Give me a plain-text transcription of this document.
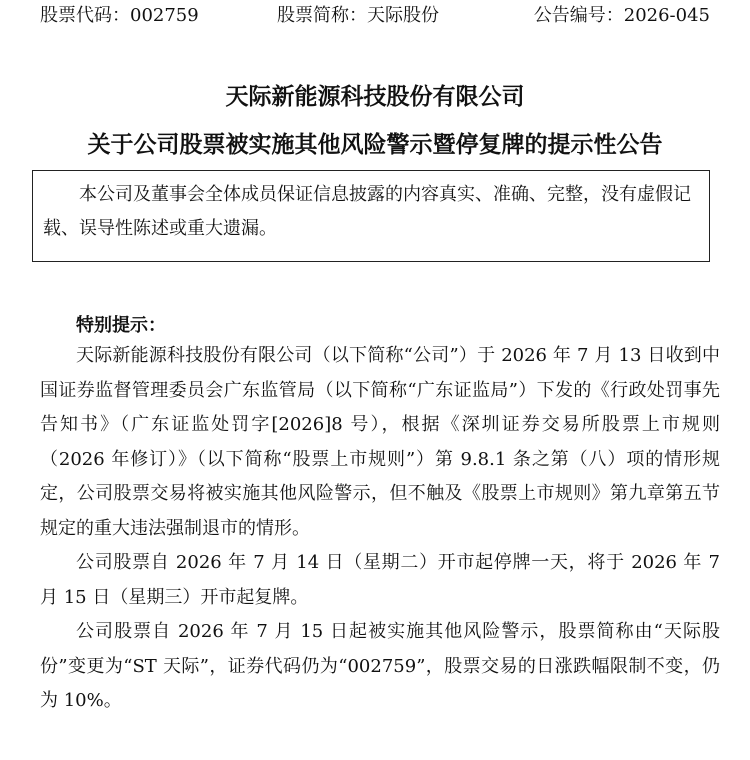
股票代码：002759	股票简称：天际股份	公告编号：2026-045
天际新能源科技股份有限公司
关于公司股票被实施其他风险警示暨停复牌的提示性公告

本公司及董事会全体成员保证信息披露的内容真实、准确、完整，没有虚假记载、误导性陈述或重大遗漏。

特别提示：

天际新能源科技股份有限公司（以下简称“公司”）于 2026 年 7 月 13 日收到中国证券监督管理委员会广东监管局（以下简称“广东证监局”）下发的《行政处罚事先告知书》（广东证监处罚字[2026]8 号），根据《深圳证券交易所股票上市规则（2026 年修订）》（以下简称“股票上市规则”）第 9.8.1 条之第（八）项的情形规定，公司股票交易将被实施其他风险警示，但不触及《股票上市规则》第九章第五节规定的重大违法强制退市的情形。

公司股票自 2026 年 7 月 14 日（星期二）开市起停牌一天，将于 2026 年 7 月 15 日（星期三）开市起复牌。

公司股票自 2026 年 7 月 15 日起被实施其他风险警示，股票简称由“天际股份”变更为“ST 天际”，证券代码仍为“002759”，股票交易的日涨跌幅限制不变，仍为 10%。
